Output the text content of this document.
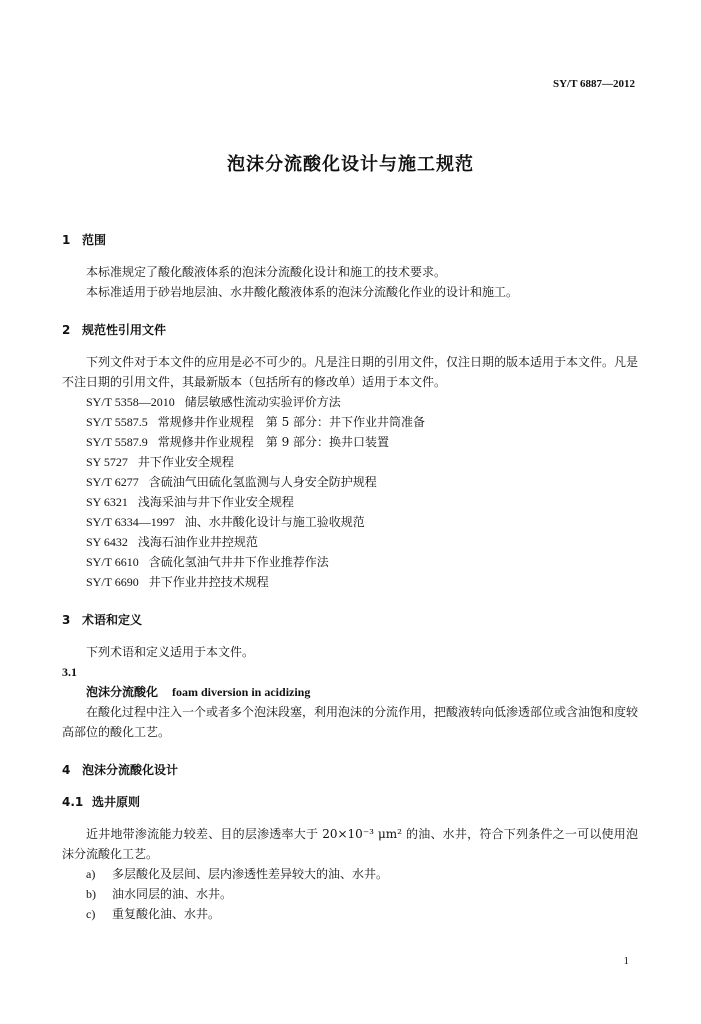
SY/T 6887—2012
泡沫分流酸化设计与施工规范
1 范围
本标准规定了酸化酸液体系的泡沫分流酸化设计和施工的技术要求。
本标准适用于砂岩地层油、水井酸化酸液体系的泡沫分流酸化作业的设计和施工。
2 规范性引用文件
下列文件对于本文件的应用是必不可少的。凡是注日期的引用文件，仅注日期的版本适用于本文件。凡是不注日期的引用文件，其最新版本（包括所有的修改单）适用于本文件。
SY/T 5358—2010 储层敏感性流动实验评价方法
SY/T 5587.5 常规修井作业规程　第 5 部分：井下作业井筒准备
SY/T 5587.9 常规修井作业规程　第 9 部分：换井口装置
SY 5727 井下作业安全规程
SY/T 6277 含硫油气田硫化氢监测与人身安全防护规程
SY 6321 浅海采油与井下作业安全规程
SY/T 6334—1997 油、水井酸化设计与施工验收规范
SY 6432 浅海石油作业井控规范
SY/T 6610 含硫化氢油气井井下作业推荐作法
SY/T 6690 井下作业井控技术规程
3 术语和定义
下列术语和定义适用于本文件。
3.1
泡沫分流酸化 foam diversion in acidizing
在酸化过程中注入一个或者多个泡沫段塞，利用泡沫的分流作用，把酸液转向低渗透部位或含油饱和度较高部位的酸化工艺。
4 泡沫分流酸化设计
4.1 选井原则
近井地带渗流能力较差、目的层渗透率大于 20×10⁻³ μm² 的油、水井，符合下列条件之一可以使用泡沫分流酸化工艺。
a) 多层酸化及层间、层内渗透性差异较大的油、水井。
b) 油水同层的油、水井。
c) 重复酸化油、水井。
1
